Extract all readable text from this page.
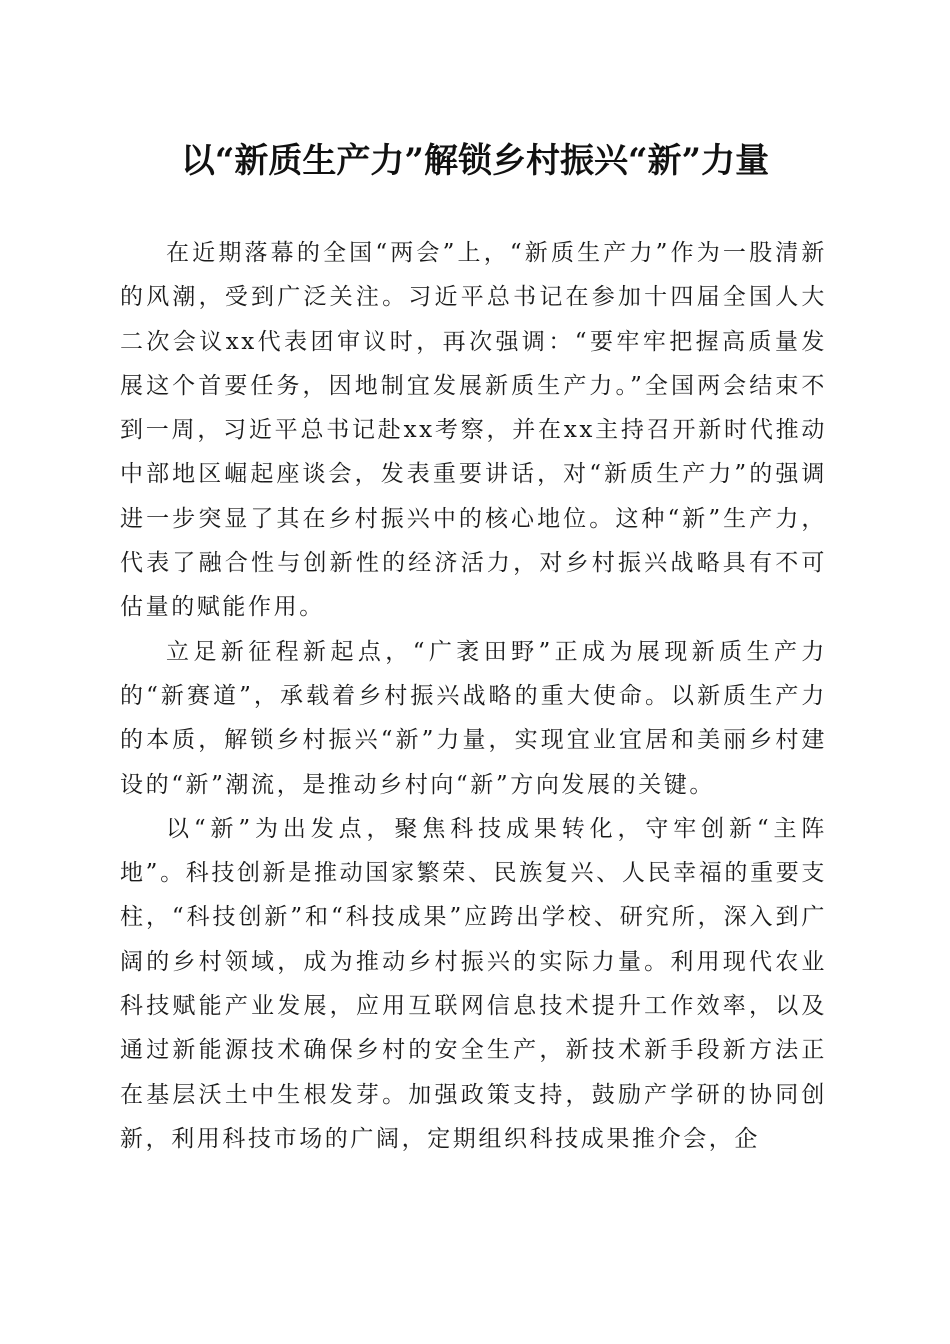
以“新质生产力”解锁乡村振兴“新”力量

在近期落幕的全国“两会”上，“新质生产力”作为一股清新的风潮，受到广泛关注。习近平总书记在参加十四届全国人大二次会议xx代表团审议时，再次强调：“要牢牢把握高质量发展这个首要任务，因地制宜发展新质生产力。”全国两会结束不到一周，习近平总书记赴xx考察，并在xx主持召开新时代推动中部地区崛起座谈会，发表重要讲话，对“新质生产力”的强调进一步突显了其在乡村振兴中的核心地位。这种“新”生产力，代表了融合性与创新性的经济活力，对乡村振兴战略具有不可估量的赋能作用。

立足新征程新起点，“广袤田野”正成为展现新质生产力的“新赛道”，承载着乡村振兴战略的重大使命。以新质生产力的本质，解锁乡村振兴“新”力量，实现宜业宜居和美丽乡村建设的“新”潮流，是推动乡村向“新”方向发展的关键。

以“新”为出发点，聚焦科技成果转化，守牢创新“主阵地”。科技创新是推动国家繁荣、民族复兴、人民幸福的重要支柱，“科技创新”和“科技成果”应跨出学校、研究所，深入到广阔的乡村领域，成为推动乡村振兴的实际力量。利用现代农业科技赋能产业发展，应用互联网信息技术提升工作效率，以及通过新能源技术确保乡村的安全生产，新技术新手段新方法正在基层沃土中生根发芽。加强政策支持，鼓励产学研的协同创新，利用科技市场的广阔，定期组织科技成果推介会，企
